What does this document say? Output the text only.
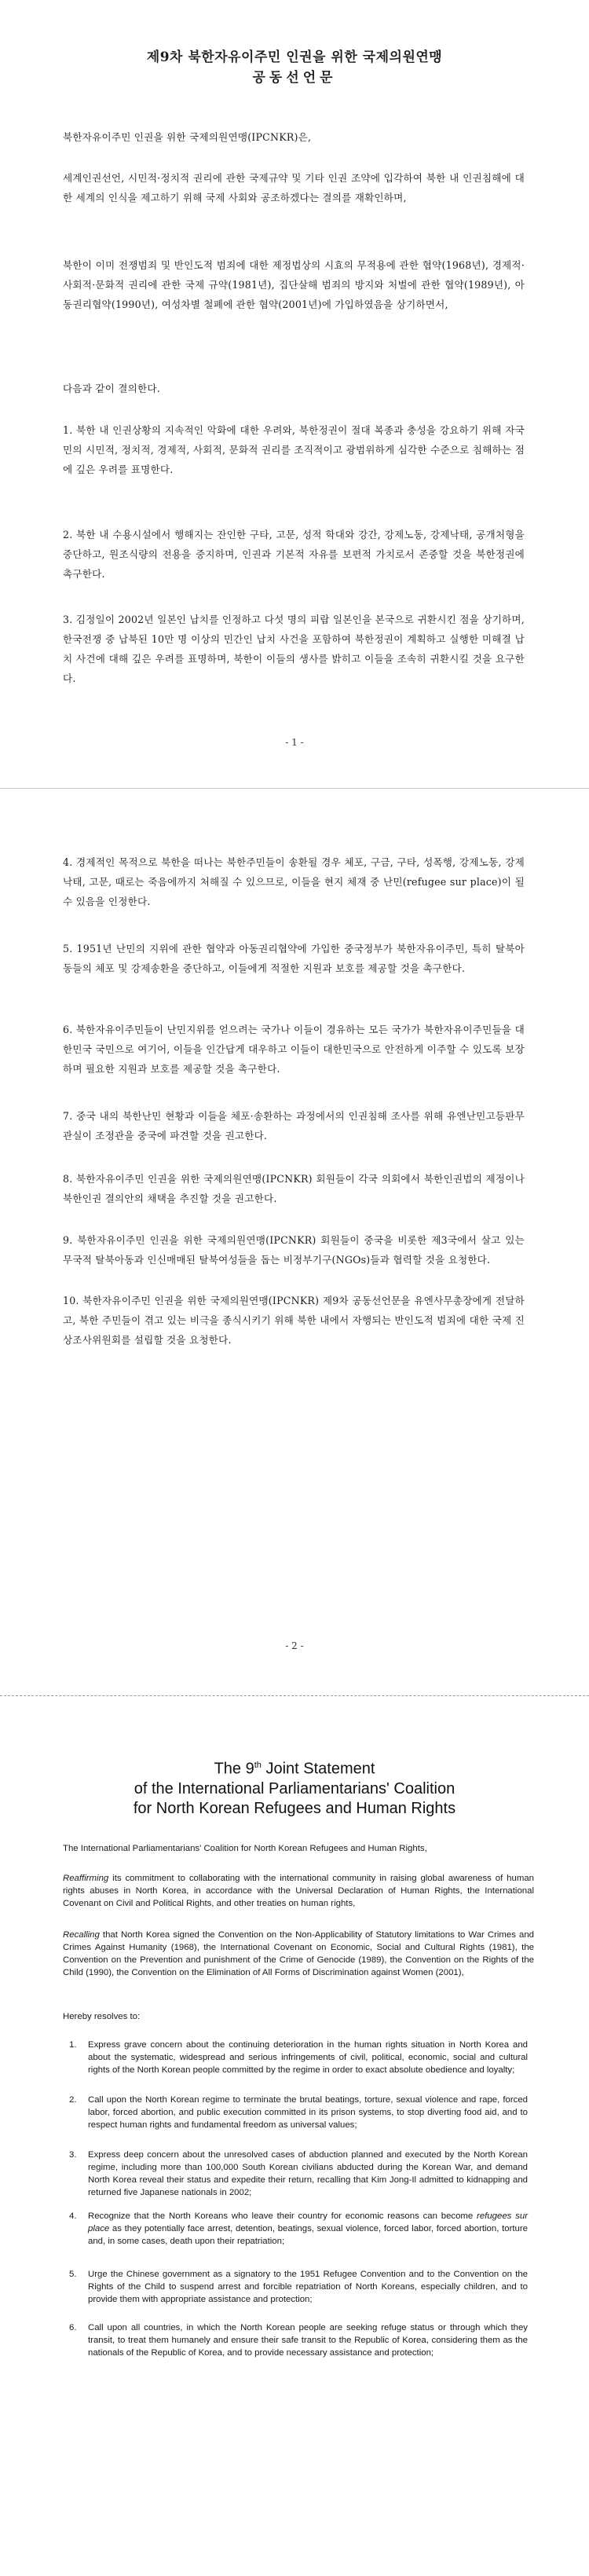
제9차 북한자유이주민 인권을 위한 국제의원연맹
공동선언문
북한자유이주민 인권을 위한 국제의원연맹(IPCNKR)은,
세계인권선언, 시민적·정치적 권리에 관한 국제규약 및 기타 인권 조약에 입각하여 북한 내 인권침해에 대한 세계의 인식을 제고하기 위해 국제 사회와 공조하겠다는 결의를 재확인하며,
북한이 이미 전쟁범죄 및 반인도적 범죄에 대한 제정법상의 시효의 무적용에 관한 협약(1968년), 경제적·사회적·문화적 권리에 관한 국제 규약(1981년), 집단살해 범죄의 방지와 처벌에 관한 협약(1989년), 아동권리협약(1990년), 여성차별 철폐에 관한 협약(2001년)에 가입하였음을 상기하면서,
다음과 같이 결의한다.
1. 북한 내 인권상황의 지속적인 악화에 대한 우려와, 북한정권이 절대 복종과 충성을 강요하기 위해 자국민의 시민적, 정치적, 경제적, 사회적, 문화적 권리를 조직적이고 광범위하게 심각한 수준으로 침해하는 점에 깊은 우려를 표명한다.
2. 북한 내 수용시설에서 행해지는 잔인한 구타, 고문, 성적 학대와 강간, 강제노동, 강제낙태, 공개처형을 중단하고, 원조식량의 전용을 중지하며, 인권과 기본적 자유를 보편적 가치로서 존중할 것을 북한정권에 촉구한다.
3. 김정일이 2002년 일본인 납치를 인정하고 다섯 명의 피랍 일본인을 본국으로 귀환시킨 점을 상기하며, 한국전쟁 중 납북된 10만 명 이상의 민간인 납치 사건을 포함하여 북한정권이 계획하고 실행한 미해결 납치 사건에 대해 깊은 우려를 표명하며, 북한이 이들의 생사를 밝히고 이들을 조속히 귀환시킬 것을 요구한다.
- 1 -
4. 경제적인 목적으로 북한을 떠나는 북한주민들이 송환될 경우 체포, 구금, 구타, 성폭행, 강제노동, 강제낙태, 고문, 때로는 죽음에까지 처해질 수 있으므로, 이들을 현지 체재 중 난민(refugee sur place)이 될 수 있음을 인정한다.
5. 1951년 난민의 지위에 관한 협약과 아동권리협약에 가입한 중국정부가 북한자유이주민, 특히 탈북아동들의 체포 및 강제송환을 중단하고, 이들에게 적절한 지원과 보호를 제공할 것을 촉구한다.
6. 북한자유이주민들이 난민지위를 얻으려는 국가나 이들이 경유하는 모든 국가가 북한자유이주민들을 대한민국 국민으로 여기어, 이들을 인간답게 대우하고 이들이 대한민국으로 안전하게 이주할 수 있도록 보장하며 필요한 지원과 보호를 제공할 것을 촉구한다.
7. 중국 내의 북한난민 현황과 이들을 체포·송환하는 과정에서의 인권침해 조사를 위해 유엔난민고등판무관실이 조정관을 중국에 파견할 것을 권고한다.
8. 북한자유이주민 인권을 위한 국제의원연맹(IPCNKR) 회원들이 각국 의회에서 북한인권법의 제정이나 북한인권 결의안의 채택을 추진할 것을 권고한다.
9. 북한자유이주민 인권을 위한 국제의원연맹(IPCNKR) 회원들이 중국을 비롯한 제3국에서 살고 있는 무국적 탈북아동과 인신매매된 탈북여성들을 돕는 비정부기구(NGOs)들과 협력할 것을 요청한다.
10. 북한자유이주민 인권을 위한 국제의원연맹(IPCNKR) 제9차 공동선언문을 유엔사무총장에게 전달하고, 북한 주민들이 겪고 있는 비극을 종식시키기 위해 북한 내에서 자행되는 반인도적 범죄에 대한 국제 진상조사위원회를 설립할 것을 요청한다.
- 2 -
The 9th Joint Statement
of the International Parliamentarians' Coalition
for North Korean Refugees and Human Rights
The International Parliamentarians' Coalition for North Korean Refugees and Human Rights,
Reaffirming its commitment to collaborating with the international community in raising global awareness of human rights abuses in North Korea, in accordance with the Universal Declaration of Human Rights, the International Covenant on Civil and Political Rights, and other treaties on human rights,
Recalling that North Korea signed the Convention on the Non-Applicability of Statutory limitations to War Crimes and Crimes Against Humanity (1968), the International Covenant on Economic, Social and Cultural Rights (1981), the Convention on the Prevention and punishment of the Crime of Genocide (1989), the Convention on the Rights of the Child (1990), the Convention on the Elimination of All Forms of Discrimination against Women (2001),
Hereby resolves to:
1.	Express grave concern about the continuing deterioration in the human rights situation in North Korea and about the systematic, widespread and serious infringements of civil, political, economic, social and cultural rights of the North Korean people committed by the regime in order to exact absolute obedience and loyalty;
2.	Call upon the North Korean regime to terminate the brutal beatings, torture, sexual violence and rape, forced labor, forced abortion, and public execution committed in its prison systems, to stop diverting food aid, and to respect human rights and fundamental freedom as universal values;
3.	Express deep concern about the unresolved cases of abduction planned and executed by the North Korean regime, including more than 100,000 South Korean civilians abducted during the Korean War, and demand North Korea reveal their status and expedite their return, recalling that Kim Jong-Il admitted to kidnapping and returned five Japanese nationals in 2002;
4.	Recognize that the North Koreans who leave their country for economic reasons can become refugees sur place as they potentially face arrest, detention, beatings, sexual violence, forced labor, forced abortion, torture and, in some cases, death upon their repatriation;
5.	Urge the Chinese government as a signatory to the 1951 Refugee Convention and to the Convention on the Rights of the Child to suspend arrest and forcible repatriation of North Koreans, especially children, and to provide them with appropriate assistance and protection;
6.	Call upon all countries, in which the North Korean people are seeking refuge status or through which they transit, to treat them humanely and ensure their safe transit to the Republic of Korea, considering them as the nationals of the Republic of Korea, and to provide necessary assistance and protection;
